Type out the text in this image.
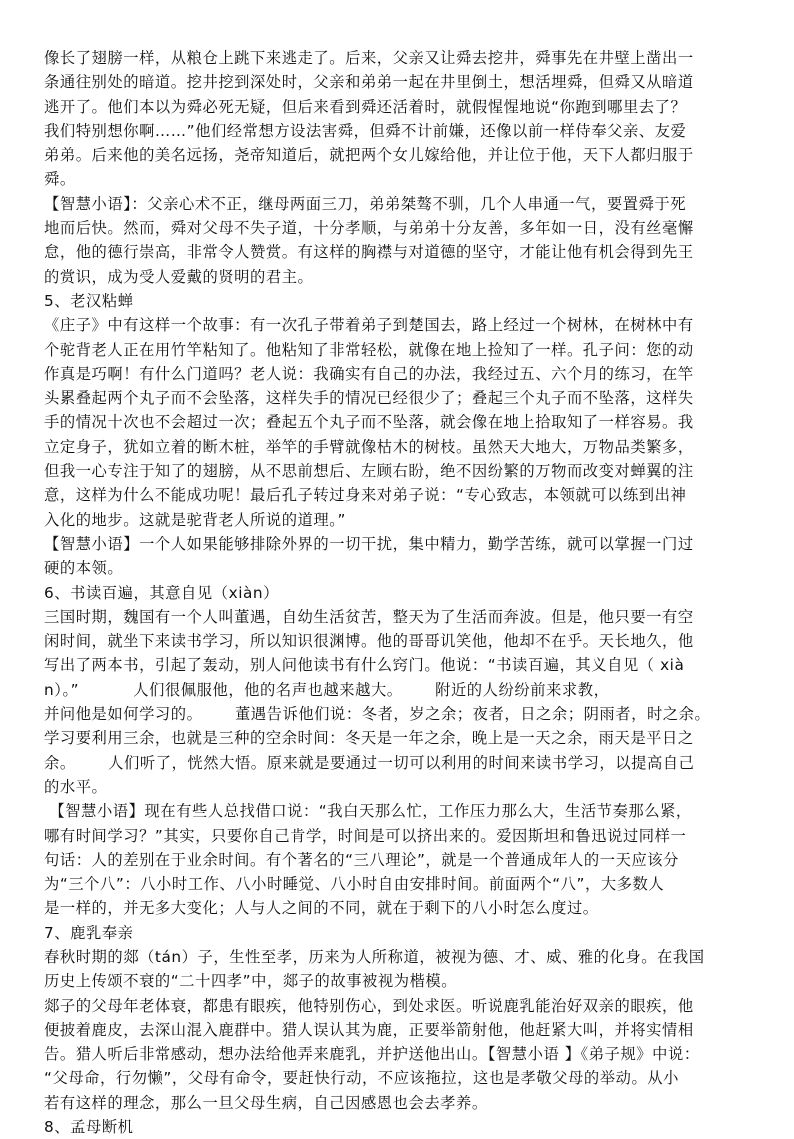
像长了翅膀一样，从粮仓上跳下来逃走了。后来，父亲又让舜去挖井，舜事先在井壁上凿出一
条通往别处的暗道。挖井挖到深处时，父亲和弟弟一起在井里倒土，想活埋舜，但舜又从暗道
逃开了。他们本以为舜必死无疑，但后来看到舜还活着时，就假惺惺地说“你跑到哪里去了？
我们特别想你啊……”他们经常想方设法害舜，但舜不计前嫌，还像以前一样侍奉父亲、友爱
弟弟。后来他的美名远扬，尧帝知道后，就把两个女儿嫁给他，并让位于他，天下人都归服于
舜。
【智慧小语】：父亲心术不正，继母两面三刀，弟弟桀骜不驯，几个人串通一气，要置舜于死
地而后快。然而，舜对父母不失子道，十分孝顺，与弟弟十分友善，多年如一日，没有丝毫懈
怠，他的德行崇高，非常令人赞赏。有这样的胸襟与对道德的坚守，才能让他有机会得到先王
的赏识，成为受人爱戴的贤明的君主。
5、老汉粘蝉
《庄子》中有这样一个故事：有一次孔子带着弟子到楚国去，路上经过一个树林，在树林中有
个驼背老人正在用竹竿粘知了。他粘知了非常轻松，就像在地上捡知了一样。孔子问：您的动
作真是巧啊！有什么门道吗？老人说：我确实有自己的办法，我经过五、六个月的练习，在竿
头累叠起两个丸子而不会坠落，这样失手的情况已经很少了；叠起三个丸子而不坠落，这样失
手的情况十次也不会超过一次；叠起五个丸子而不坠落，就会像在地上拾取知了一样容易。我
立定身子，犹如立着的断木桩，举竿的手臂就像枯木的树枝。虽然天大地大，万物品类繁多，
但我一心专注于知了的翅膀，从不思前想后、左顾右盼，绝不因纷繁的万物而改变对蝉翼的注
意，这样为什么不能成功呢！最后孔子转过身来对弟子说：“专心致志，本领就可以练到出神
入化的地步。这就是驼背老人所说的道理。”
【智慧小语】一个人如果能够排除外界的一切干扰，集中精力，勤学苦练，就可以掌握一门过
硬的本领。
6、书读百遍，其意自见（xiàn）
三国时期，魏国有一个人叫董遇，自幼生活贫苦，整天为了生活而奔波。但是，他只要一有空
闲时间，就坐下来读书学习，所以知识很渊博。他的哥哥讥笑他，他却不在乎。天长地久，他
写出了两本书，引起了轰动，别人问他读书有什么窍门。他说：“书读百遍，其义自见（ xià
n）。”          人们很佩服他，他的名声也越来越大。      附近的人纷纷前来求教，
并问他是如何学习的。      董遇告诉他们说：冬者，岁之余；夜者，日之余；阴雨者，时之余。
学习要利用三余，也就是三种的空余时间：冬天是一年之余，晚上是一天之余，雨天是平日之
余。      人们听了，恍然大悟。原来就是要通过一切可以利用的时间来读书学习，以提高自己
的水平。
【智慧小语】现在有些人总找借口说：“我白天那么忙，工作压力那么大，生活节奏那么紧，
哪有时间学习？”其实，只要你自己肯学，时间是可以挤出来的。爱因斯坦和鲁迅说过同样一
句话：人的差别在于业余时间。有个著名的“三八理论”，就是一个普通成年人的一天应该分
为“三个八”：八小时工作、八小时睡觉、八小时自由安排时间。前面两个“八”，大多数人
是一样的，并无多大变化；人与人之间的不同，就在于剩下的八小时怎么度过。
7、鹿乳奉亲
春秋时期的郯（tán）子，生性至孝，历来为人所称道，被视为德、才、威、雅的化身。在我国
历史上传颂不衰的“二十四孝”中，郯子的故事被视为楷模。
郯子的父母年老体衰，都患有眼疾，他特别伤心，到处求医。听说鹿乳能治好双亲的眼疾，他
便披着鹿皮，去深山混入鹿群中。猎人误认其为鹿，正要举箭射他，他赶紧大叫，并将实情相
告。猎人听后非常感动，想办法给他弄来鹿乳，并护送他出山。【智慧小语 】《弟子规》中说：
“父母命，行勿懒”，父母有命令，要赶快行动，不应该拖拉，这也是孝敬父母的举动。从小
若有这样的理念，那么一旦父母生病，自己因感恩也会去孝养。
8、孟母断机
